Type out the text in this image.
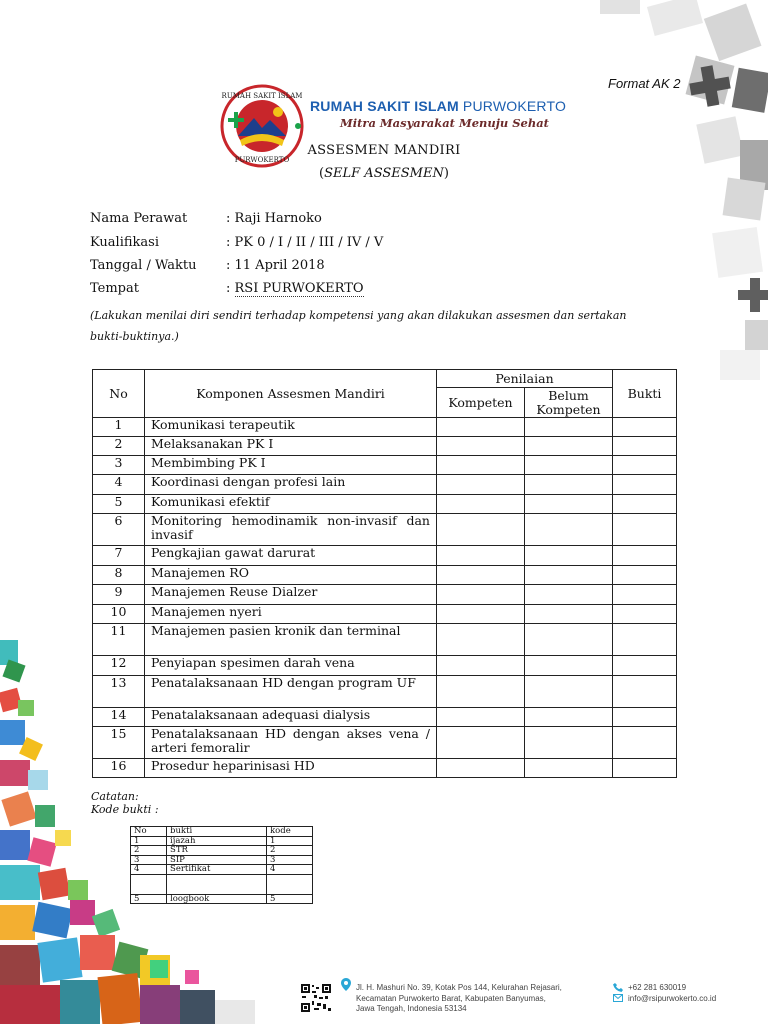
Format AK 2
RUMAH SAKIT ISLAM
PURWOKERTO
RUMAH SAKIT ISLAM PURWOKERTO
Mitra Masyarakat Menuju Sehat
ASSESMEN MANDIRI
(SELF ASSESMEN)
Nama Perawat	: Raji Harnoko
Kualifikasi	: PK 0 / I / II / III / IV / V
Tanggal / Waktu : 11 April 2018
Tempat	: RSI PURWOKERTO
(Lakukan menilai diri sendiri terhadap kompetensi yang akan dilakukan assesmen dan sertakan bukti-buktinya.)
No	Komponen Assesmen Mandiri	Penilaian		Bukti
		Kompeten	Belum Kompeten	
1	Komunikasi terapeutik			
2	Melaksanakan PK I			
3	Membimbing PK I			
4	Koordinasi dengan profesi lain			
5	Komunikasi efektif			
6	Monitoring hemodinamik non-invasif dan invasif			
7	Pengkajian gawat darurat			
8	Manajemen RO			
9	Manajemen Reuse Dialzer			
10	Manajemen nyeri			
11	Manajemen pasien kronik dan terminal			
12	Penyiapan spesimen darah vena			
13	Penatalaksanaan HD dengan program UF			
14	Penatalaksanaan adequasi dialysis			
15	Penatalaksanaan HD dengan akses vena / arteri femoralir			
16	Prosedur heparinisasi HD			
Catatan:
Kode bukti :
No	bukti	kode
1	ijazah	1
2	STR	2
3	SIP	3
4	Sertifikat	4

5	loogbook	5
Jl. H. Mashuri No. 39, Kotak Pos 144, Kelurahan Rejasari,
Kecamatan Purwokerto Barat, Kabupaten Banyumas,
Jawa Tengah, Indonesia 53134
+62 281 630019
info@rsipurwokerto.co.id
